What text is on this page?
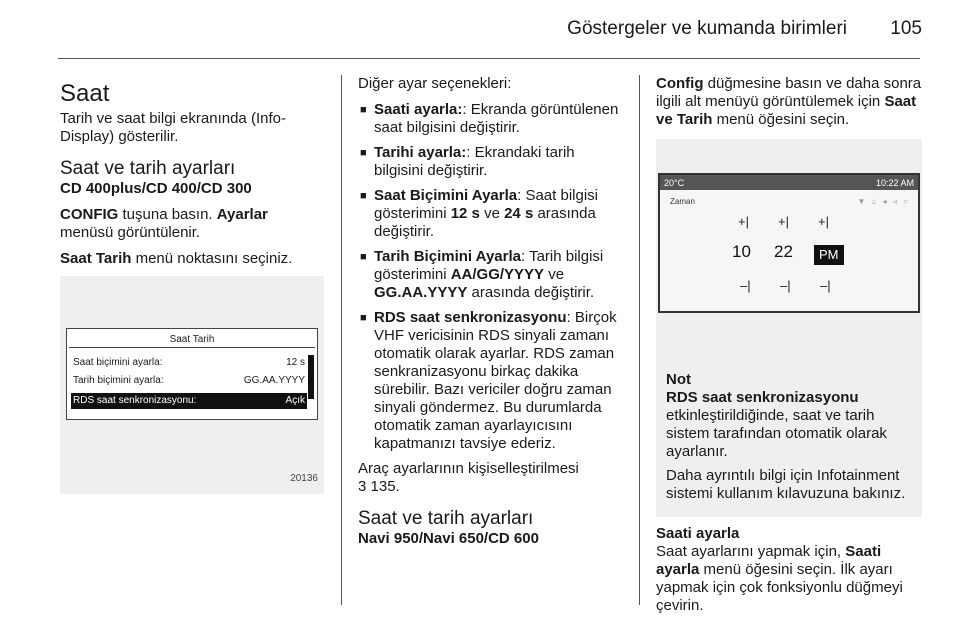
Göstergeler ve kumanda birimleri 105
Saat

Tarih ve saat bilgi ekranında (Info-Display) gösterilir.

Saat ve tarih ayarları

CD 400plus/CD 400/CD 300

CONFIG tuşuna basın. Ayarlar menüsü görüntülenir.

Saat Tarih menü noktasını seçiniz.

Saat Tarih
Saat biçimini ayarla:	12 s
Tarih biçimini ayarla:	GG.AA.YYYY
RDS saat senkronizasyonu:	Açık
20136

Diğer ayar seçenekleri:

■ Saati ayarla:: Ekranda görüntülenen saat bilgisini değiştirir.
■ Tarihi ayarla:: Ekrandaki tarih bilgisini değiştirir.
■ Saat Biçimini Ayarla: Saat bilgisi gösterimini 12 s ve 24 s arasında değiştirir.
■ Tarih Biçimini Ayarla: Tarih bilgisi gösterimini AA/GG/YYYY ve GG.AA.YYYY arasında değiştirir.
■ RDS saat senkronizasyonu: Birçok VHF vericisinin RDS sinyali zamanı otomatik olarak ayarlar. RDS zaman senkranizasyonu birkaç dakika sürebilir. Bazı vericiler doğru zaman sinyali göndermez. Bu durumlarda otomatik zaman ayarlayıcısını kapatmanızı tavsiye ederiz.

Araç ayarlarının kişiselleştirilmesi
3 135.

Saat ve tarih ayarları

Navi 950/Navi 650/CD 600

Config düğmesine basın ve daha sonra ilgili alt menüyü görüntülemek için Saat ve Tarih menü öğesini seçin.

20°C	10:22 AM
Zaman	▼ ⌂ ◂ ◃ ○
+| +| +|
10 22	PM
–| –| –|

Not

RDS saat senkronizasyonu

etkinleştirildiğinde, saat ve tarih sistem tarafından otomatik olarak ayarlanır.

Daha ayrıntılı bilgi için Infotainment sistemi kullanım kılavuzuna bakınız.

Saati ayarla

Saat ayarlarını yapmak için, Saati ayarla menü öğesini seçin. İlk ayarı yapmak için çok fonksiyonlu düğmeyi çevirin.
